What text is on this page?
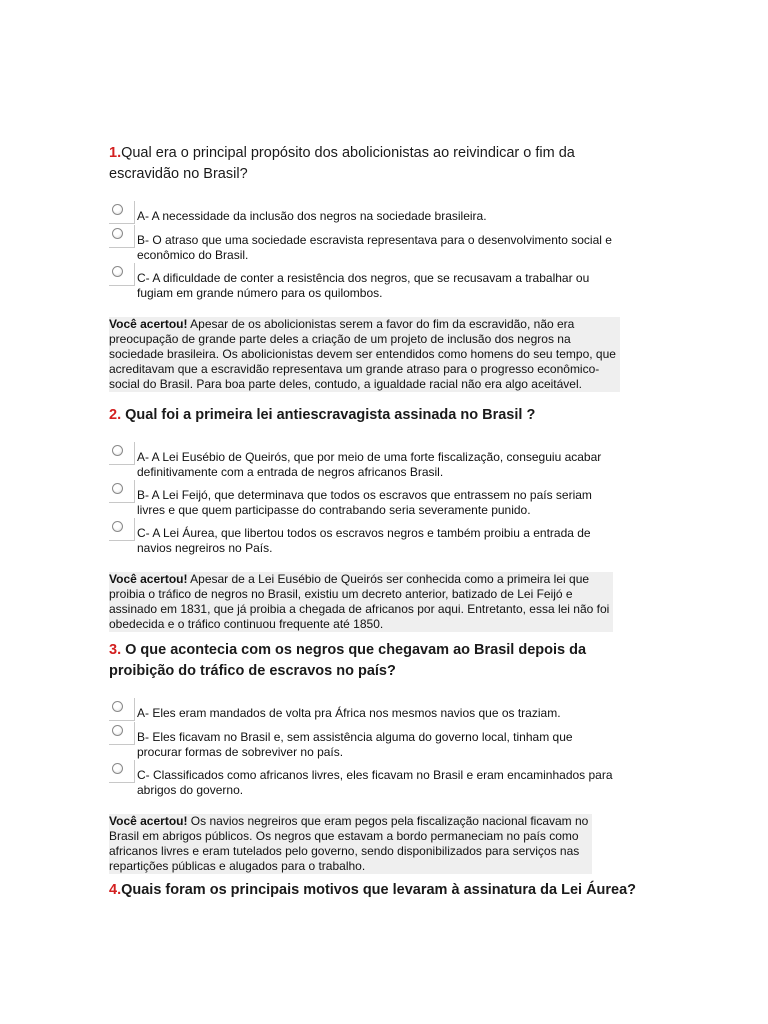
1.Qual era o principal propósito dos abolicionistas ao reivindicar o fim da
escravidão no Brasil?
A- A necessidade da inclusão dos negros na sociedade brasileira.
B- O atraso que uma sociedade escravista representava para o desenvolvimento social e
econômico do Brasil.
C- A dificuldade de conter a resistência dos negros, que se recusavam a trabalhar ou
fugiam em grande número para os quilombos.
Você acertou! Apesar de os abolicionistas serem a favor do fim da escravidão, não era
preocupação de grande parte deles a criação de um projeto de inclusão dos negros na
sociedade brasileira. Os abolicionistas devem ser entendidos como homens do seu tempo, que
acreditavam que a escravidão representava um grande atraso para o progresso econômico-
social do Brasil. Para boa parte deles, contudo, a igualdade racial não era algo aceitável.
2. Qual foi a primeira lei antiescravagista assinada no Brasil ?
A- A Lei Eusébio de Queirós, que por meio de uma forte fiscalização, conseguiu acabar
definitivamente com a entrada de negros africanos Brasil.
B- A Lei Feijó, que determinava que todos os escravos que entrassem no país seriam
livres e que quem participasse do contrabando seria severamente punido.
C- A Lei Áurea, que libertou todos os escravos negros e também proibiu a entrada de
navios negreiros no País.
Você acertou! Apesar de a Lei Eusébio de Queirós ser conhecida como a primeira lei que
proibia o tráfico de negros no Brasil, existiu um decreto anterior, batizado de Lei Feijó e
assinado em 1831, que já proibia a chegada de africanos por aqui. Entretanto, essa lei não foi
obedecida e o tráfico continuou frequente até 1850.
3. O que acontecia com os negros que chegavam ao Brasil depois da
proibição do tráfico de escravos no país?
A- Eles eram mandados de volta pra África nos mesmos navios que os traziam.
B- Eles ficavam no Brasil e, sem assistência alguma do governo local, tinham que
procurar formas de sobreviver no país.
C- Classificados como africanos livres, eles ficavam no Brasil e eram encaminhados para
abrigos do governo.
Você acertou! Os navios negreiros que eram pegos pela fiscalização nacional ficavam no
Brasil em abrigos públicos. Os negros que estavam a bordo permaneciam no país como
africanos livres e eram tutelados pelo governo, sendo disponibilizados para serviços nas
repartições públicas e alugados para o trabalho.
4.Quais foram os principais motivos que levaram à assinatura da Lei Áurea?
